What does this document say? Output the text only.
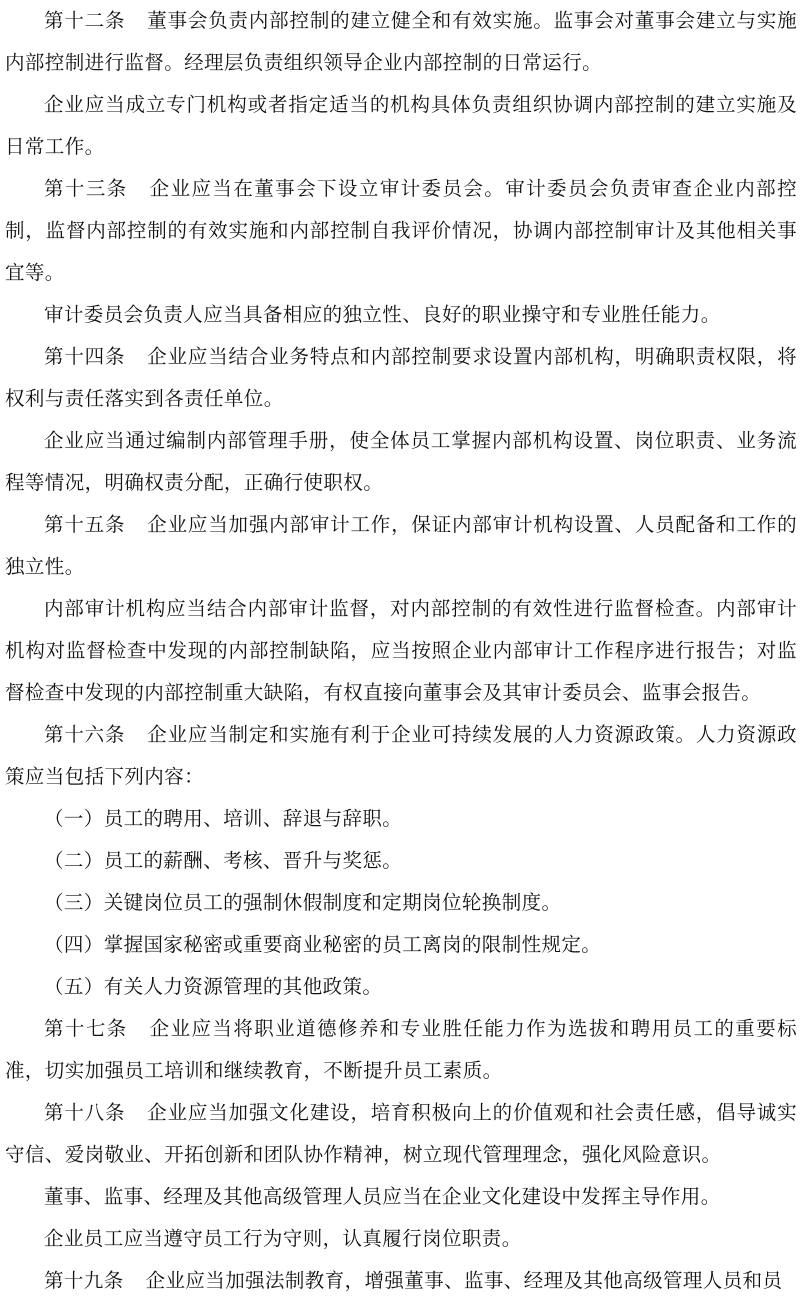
第十二条 董事会负责内部控制的建立健全和有效实施。监事会对董事会建立与实施内部控制进行监督。经理层负责组织领导企业内部控制的日常运行。

企业应当成立专门机构或者指定适当的机构具体负责组织协调内部控制的建立实施及日常工作。

第十三条 企业应当在董事会下设立审计委员会。审计委员会负责审查企业内部控制，监督内部控制的有效实施和内部控制自我评价情况，协调内部控制审计及其他相关事宜等。

审计委员会负责人应当具备相应的独立性、良好的职业操守和专业胜任能力。

第十四条 企业应当结合业务特点和内部控制要求设置内部机构，明确职责权限，将权利与责任落实到各责任单位。

企业应当通过编制内部管理手册，使全体员工掌握内部机构设置、岗位职责、业务流程等情况，明确权责分配，正确行使职权。

第十五条 企业应当加强内部审计工作，保证内部审计机构设置、人员配备和工作的独立性。

内部审计机构应当结合内部审计监督，对内部控制的有效性进行监督检查。内部审计机构对监督检查中发现的内部控制缺陷，应当按照企业内部审计工作程序进行报告；对监督检查中发现的内部控制重大缺陷，有权直接向董事会及其审计委员会、监事会报告。

第十六条 企业应当制定和实施有利于企业可持续发展的人力资源政策。人力资源政策应当包括下列内容：

（一）员工的聘用、培训、辞退与辞职。

（二）员工的薪酬、考核、晋升与奖惩。

（三）关键岗位员工的强制休假制度和定期岗位轮换制度。

（四）掌握国家秘密或重要商业秘密的员工离岗的限制性规定。

（五）有关人力资源管理的其他政策。

第十七条 企业应当将职业道德修养和专业胜任能力作为选拔和聘用员工的重要标准，切实加强员工培训和继续教育，不断提升员工素质。

第十八条 企业应当加强文化建设，培育积极向上的价值观和社会责任感，倡导诚实守信、爱岗敬业、开拓创新和团队协作精神，树立现代管理理念，强化风险意识。

董事、监事、经理及其他高级管理人员应当在企业文化建设中发挥主导作用。

企业员工应当遵守员工行为守则，认真履行岗位职责。

第十九条 企业应当加强法制教育，增强董事、监事、经理及其他高级管理人员和员
